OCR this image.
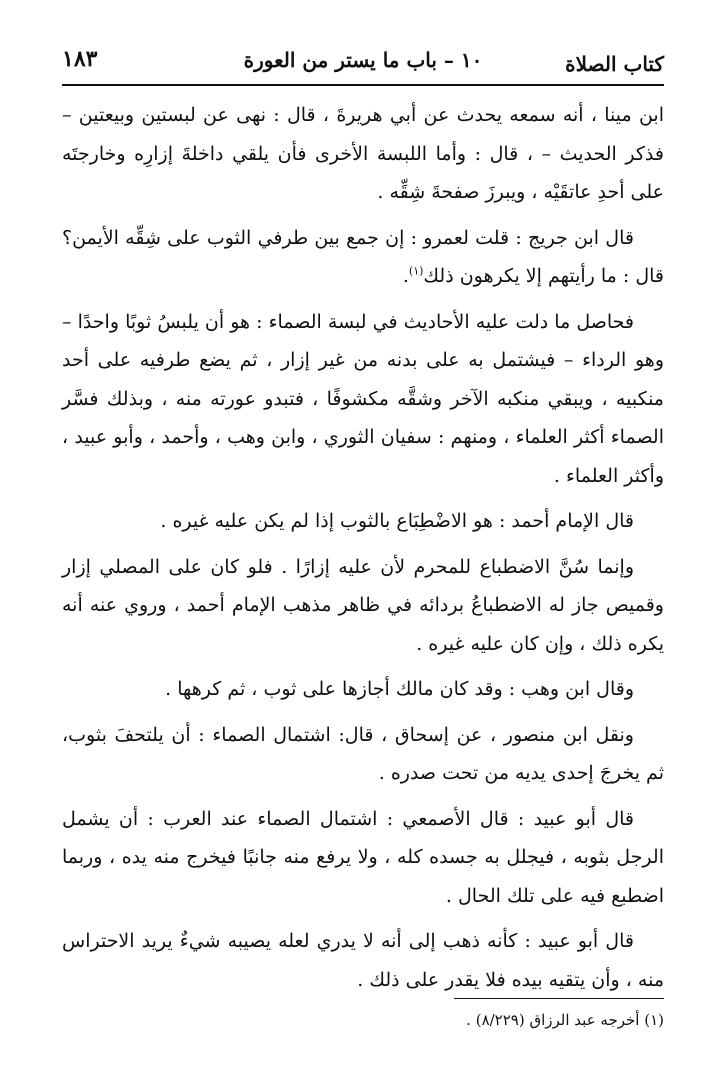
كتاب الصلاة
١٠ – باب ما يستر من العورة
١٨٣

ابن مينا ، أنه سمعه يحدث عن أبي هريرةَ ، قال : نهى عن لبستين وبيعتين – فذكر الحديث – ، قال : وأما اللبسة الأخرى فأن يلقي داخلةَ إزارِه وخارجتَه على أحدِ عاتقَيْه ، ويبرزَ صفحةَ شِقِّه .

قال ابن جريج : قلت لعمرو : إن جمع بين طرفي الثوب على شِقِّه الأيمن؟ قال : ما رأيتهم إلا يكرهون ذلك$^{(١)}$.

فحاصل ما دلت عليه الأحاديث في لبسة الصماء : هو أن يلبسُ ثوبًا واحدًا – وهو الرداء – فيشتمل به على بدنه من غير إزار ، ثم يضع طرفيه على أحد منكبيه ، ويبقي منكبه الآخر وشقَّه مكشوفًا ، فتبدو عورته منه ، وبذلك فسَّر الصماء أكثر العلماء ، ومنهم : سفيان الثوري ، وابن وهب ، وأحمد ، وأبو عبيد ، وأكثر العلماء .

قال الإمام أحمد : هو الاضْطِبَاع بالثوب إذا لم يكن عليه غيره .

وإنما سُنَّ الاضطباع للمحرم لأن عليه إزارًا . فلو كان على المصلي إزار وقميص جاز له الاضطباعُ بردائه في ظاهر مذهب الإمام أحمد ، وروي عنه أنه يكره ذلك ، وإن كان عليه غيره .

وقال ابن وهب : وقد كان مالك أجازها على ثوب ، ثم كرهها .

ونقل ابن منصور ، عن إسحاق ، قال: اشتمال الصماء : أن يلتحفَ بثوب، ثم يخرجَ إحدى يديه من تحت صدره .

قال أبو عبيد : قال الأصمعي : اشتمال الصماء عند العرب : أن يشمل الرجل بثوبه ، فيجلل به جسده كله ، ولا يرفع منه جانبًا فيخرج منه يده ، وربما اضطبع فيه على تلك الحال .

قال أبو عبيد : كأنه ذهب إلى أنه لا يدري لعله يصيبه شيءٌ يريد الاحتراس منه ، وأن يتقيه بيده فلا يقدر على ذلك .

(١) أخرجه عبد الرزاق (٨/٢٢٩) .
